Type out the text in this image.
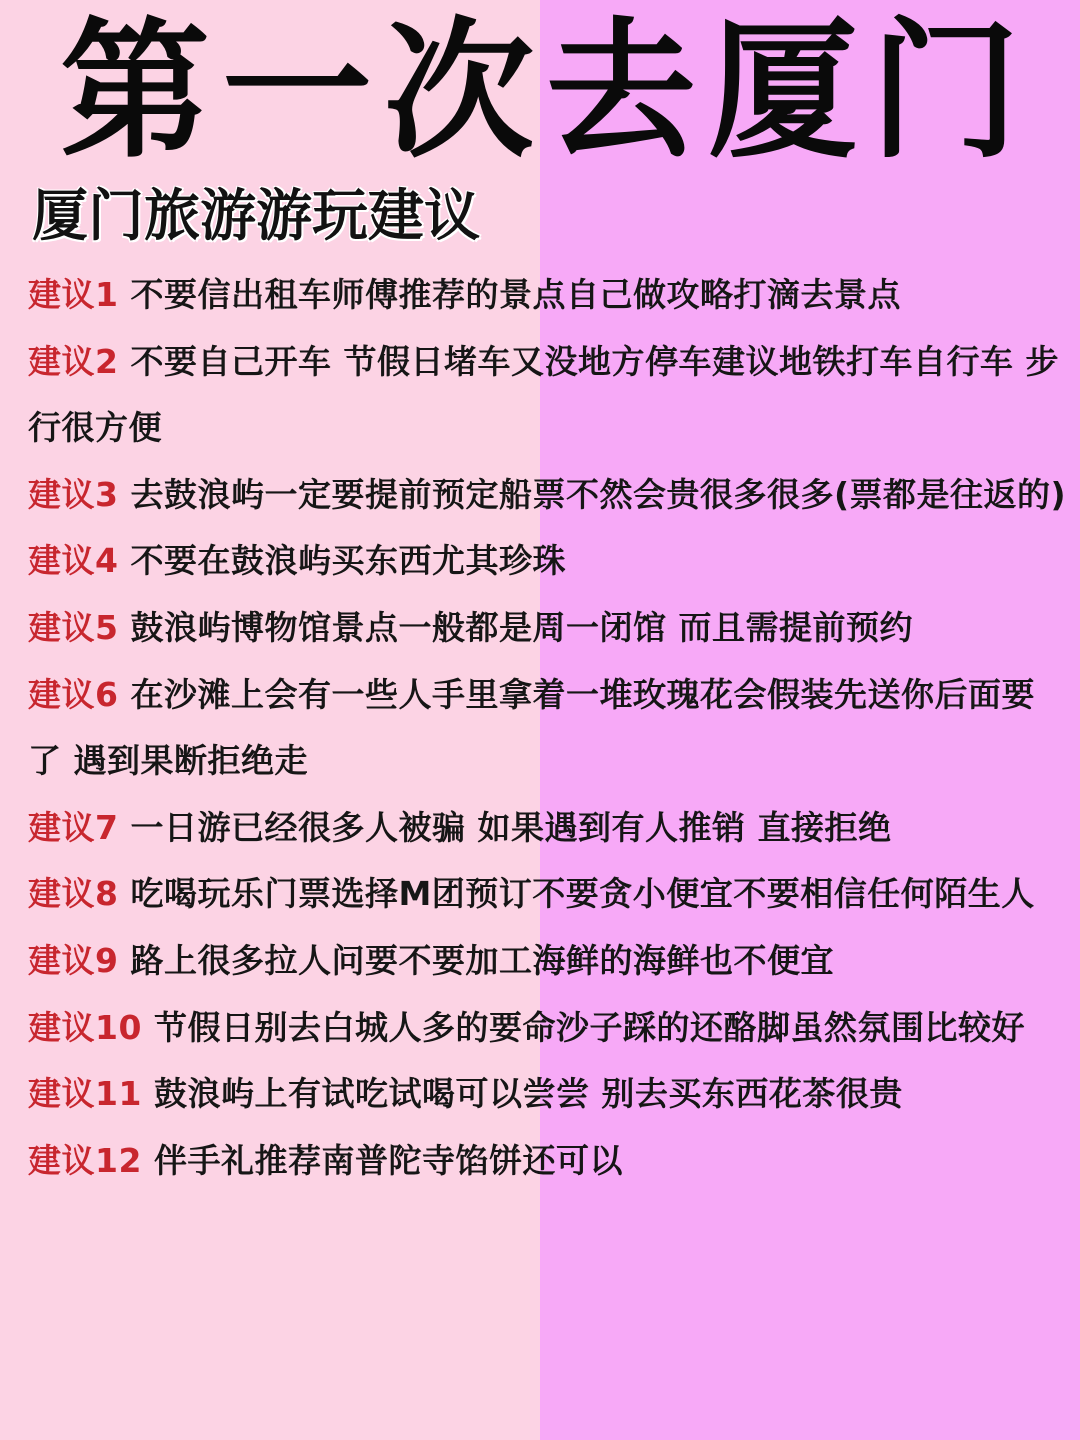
第 一 次 去 厦 门
厦门旅游游玩建议
建议1 不要信出租车师傅推荐的景点自己做攻略打滴去景点
建议2 不要自己开车 节假日堵车又没地方停车建议地铁打车自行车 步行很方便
建议3 去鼓浪屿一定要提前预定船票不然会贵很多很多(票都是往返的)
建议4 不要在鼓浪屿买东西尤其珍珠
建议5 鼓浪屿博物馆景点一般都是周一闭馆 而且需提前预约
建议6 在沙滩上会有一些人手里拿着一堆玫瑰花会假装先送你后面要了 遇到果断拒绝走
建议7 一日游已经很多人被骗 如果遇到有人推销 直接拒绝
建议8 吃喝玩乐门票选择M团预订不要贪小便宜不要相信任何陌生人
建议9 路上很多拉人问要不要加工海鲜的海鲜也不便宜
建议10 节假日别去白城人多的要命沙子踩的还酪脚虽然氛围比较好
建议11 鼓浪屿上有试吃试喝可以尝尝 别去买东西花茶很贵
建议12 伴手礼推荐南普陀寺馅饼还可以
